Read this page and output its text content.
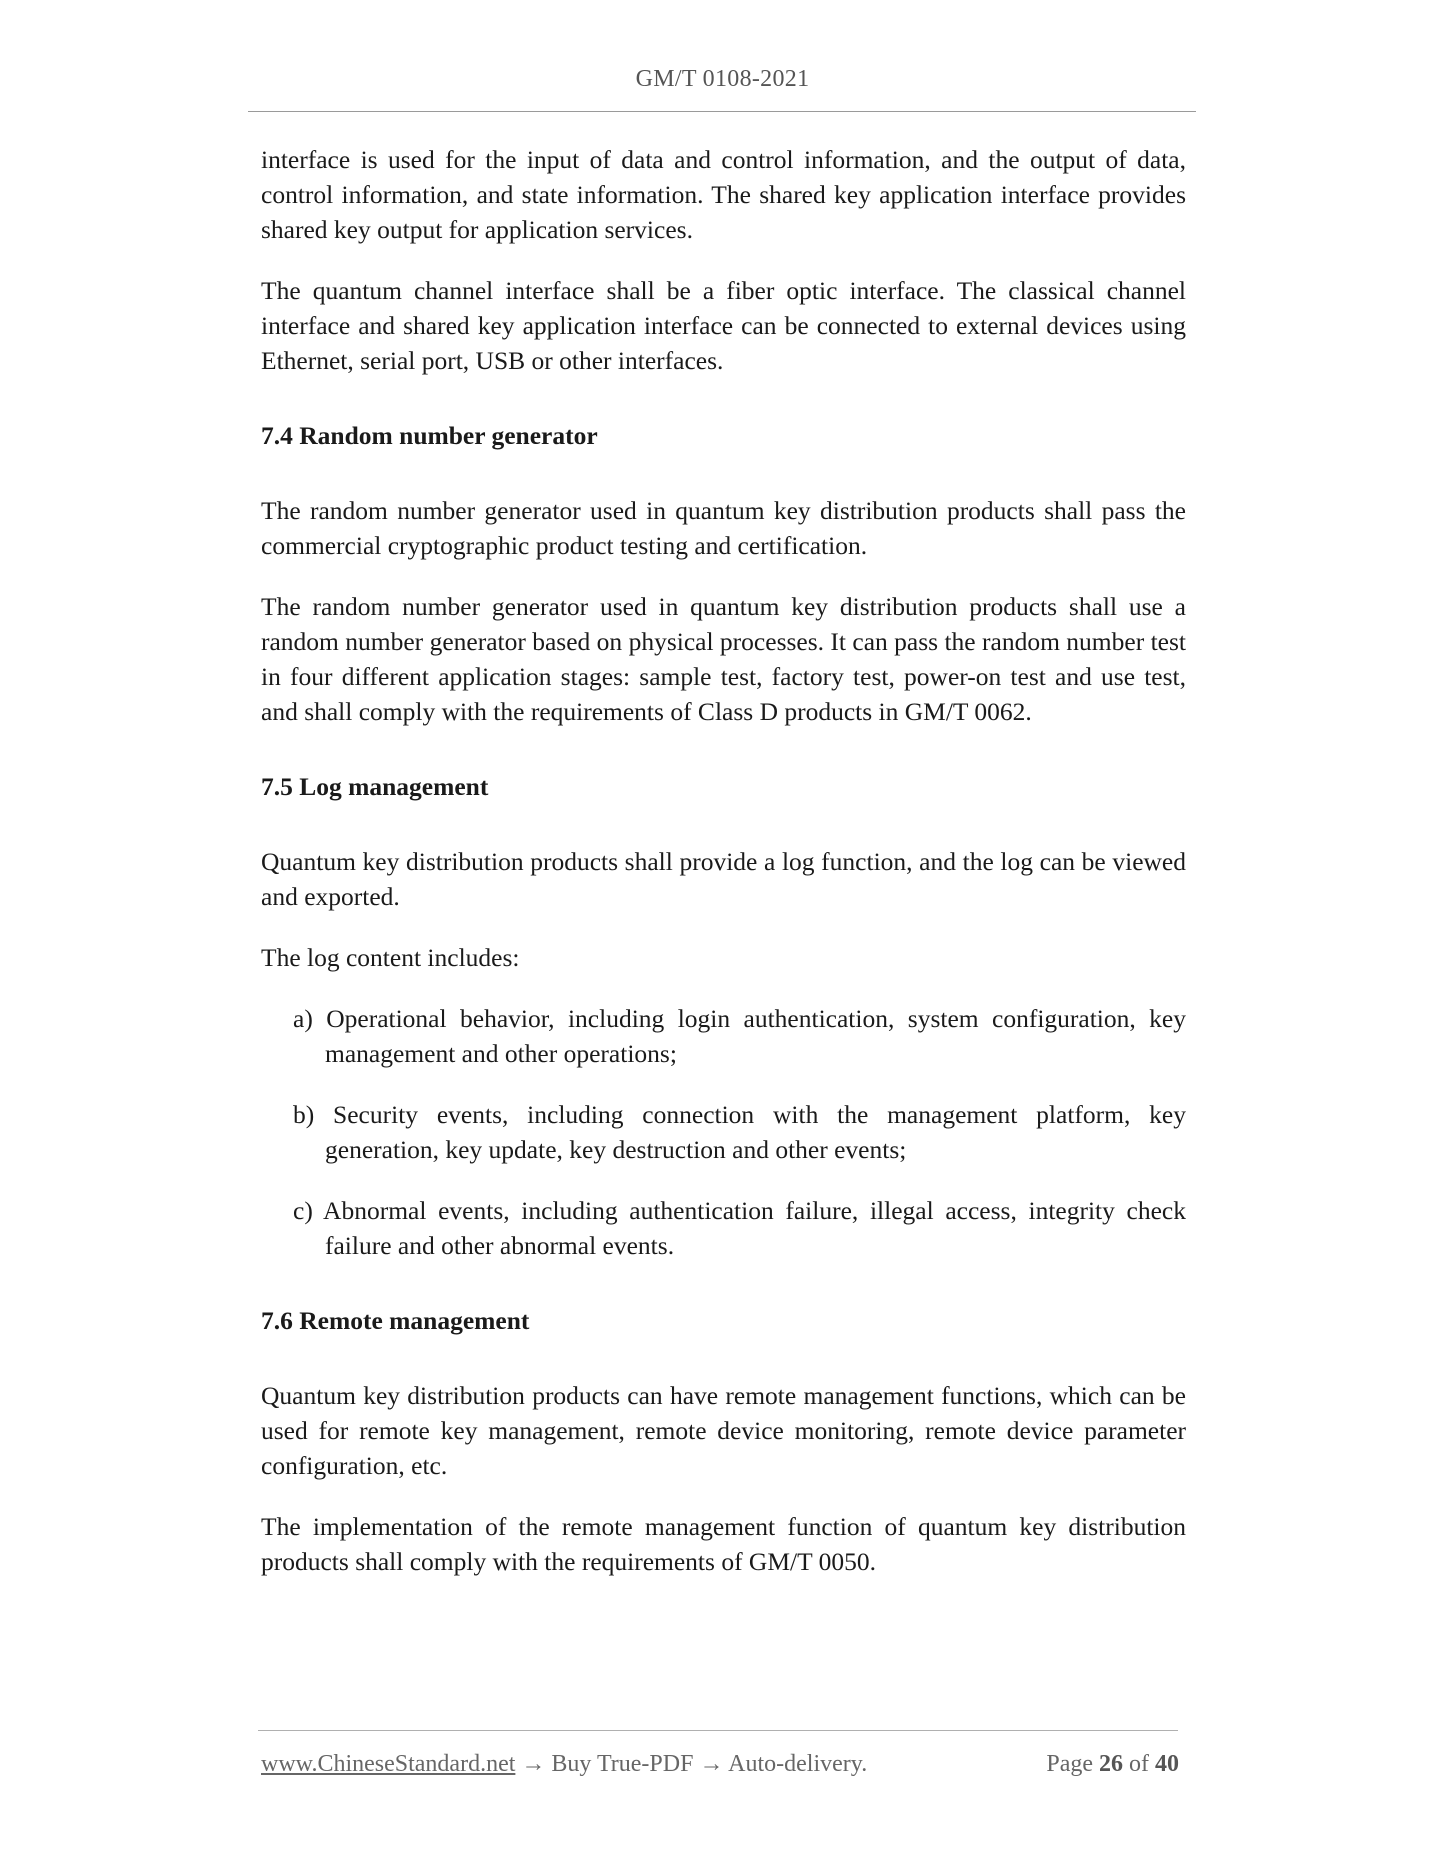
GM/T 0108-2021

interface is used for the input of data and control information, and the output of data, control information, and state information. The shared key application interface provides shared key output for application services.

The quantum channel interface shall be a fiber optic interface. The classical channel interface and shared key application interface can be connected to external devices using Ethernet, serial port, USB or other interfaces.

7.4 Random number generator

The random number generator used in quantum key distribution products shall pass the commercial cryptographic product testing and certification.

The random number generator used in quantum key distribution products shall use a random number generator based on physical processes. It can pass the random number test in four different application stages: sample test, factory test, power-on test and use test, and shall comply with the requirements of Class D products in GM/T 0062.

7.5 Log management

Quantum key distribution products shall provide a log function, and the log can be viewed and exported.

The log content includes:

a) Operational behavior, including login authentication, system configuration, key management and other operations;

b) Security events, including connection with the management platform, key generation, key update, key destruction and other events;

c) Abnormal events, including authentication failure, illegal access, integrity check failure and other abnormal events.

7.6 Remote management

Quantum key distribution products can have remote management functions, which can be used for remote key management, remote device monitoring, remote device parameter configuration, etc.

The implementation of the remote management function of quantum key distribution products shall comply with the requirements of GM/T 0050.

www.ChineseStandard.net → Buy True-PDF → Auto-delivery.	Page 26 of 40
